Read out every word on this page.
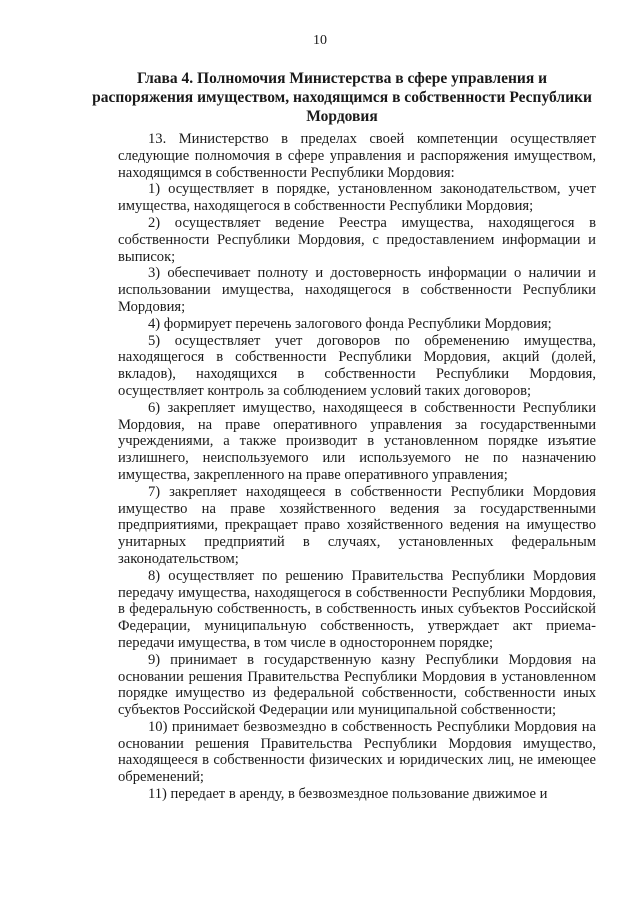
10
Глава 4. Полномочия Министерства в сфере управления и распоряжения имуществом, находящимся в собственности Республики Мордовия

13. Министерство в пределах своей компетенции осуществляет следующие полномочия в сфере управления и распоряжения имуществом, находящимся в собственности Республики Мордовия:

1) осуществляет в порядке, установленном законодательством, учет имущества, находящегося в собственности Республики Мордовия;

2) осуществляет ведение Реестра имущества, находящегося в собственности Республики Мордовия, с предоставлением информации и выписок;

3) обеспечивает полноту и достоверность информации о наличии и использовании имущества, находящегося в собственности Республики Мордовия;

4) формирует перечень залогового фонда Республики Мордовия;

5) осуществляет учет договоров по обременению имущества, находящегося в собственности Республики Мордовия, акций (долей, вкладов), находящихся в собственности Республики Мордовия, осуществляет контроль за соблюдением условий таких договоров;

6) закрепляет имущество, находящееся в собственности Республики Мордовия, на праве оперативного управления за государственными учреждениями, а также производит в установленном порядке изъятие излишнего, неиспользуемого или используемого не по назначению имущества, закрепленного на праве оперативного управления;

7) закрепляет находящееся в собственности Республики Мордовия имущество на праве хозяйственного ведения за государственными предприятиями, прекращает право хозяйственного ведения на имущество унитарных предприятий в случаях, установленных федеральным законодательством;

8) осуществляет по решению Правительства Республики Мордовия передачу имущества, находящегося в собственности Республики Мордовия, в федеральную собственность, в собственность иных субъектов Российской Федерации, муниципальную собственность, утверждает акт приема-передачи имущества, в том числе в одностороннем порядке;

9) принимает в государственную казну Республики Мордовия на основании решения Правительства Республики Мордовия в установленном порядке имущество из федеральной собственности, собственности иных субъектов Российской Федерации или муниципальной собственности;

10) принимает безвозмездно в собственность Республики Мордовия на основании решения Правительства Республики Мордовия имущество, находящееся в собственности физических и юридических лиц, не имеющее обременений;

11) передает в аренду, в безвозмездное пользование движимое и
